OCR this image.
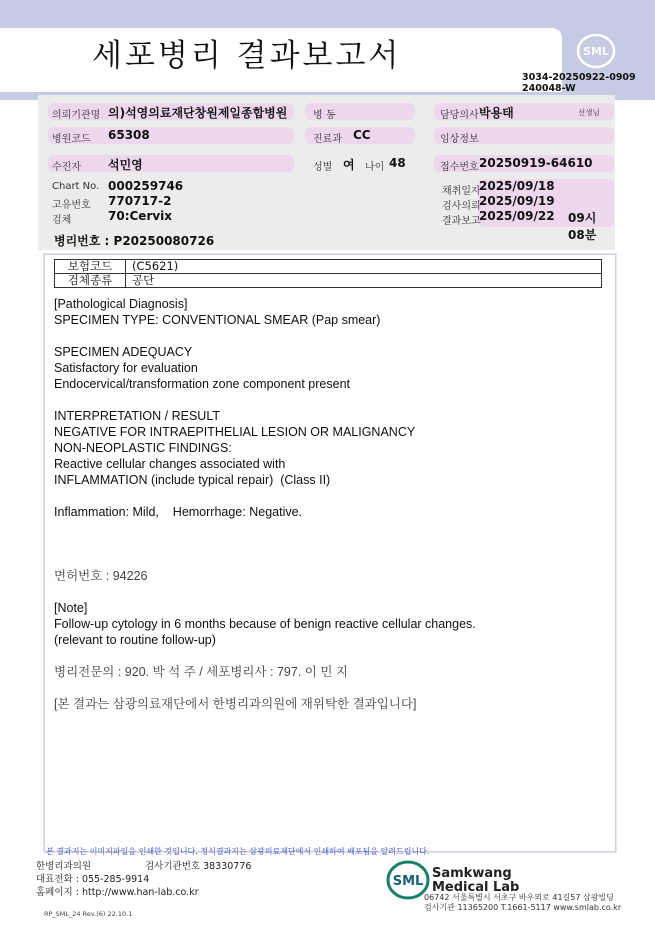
세포병리 결과보고서	SML
3034-20250922-0909
240048-W
의뢰기관명 의)석영의료재단창원제일종합병원	병 동	담당의사 박용태	선생님
병원코드 65308	진료과 CC	임상정보
수진자 석민영	성별 여 나이 48	접수번호 20250919-64610
Chart No. 000259746
고유번호 770717-2
검체	70:Cervix
채취일자
2025/09/18
검사의뢰
2025/09/19
결과보고
2025/09/22 09시 08분
병리번호 : P20250080726
보험코드	(C5621)
검체종류	공단
[Pathological Diagnosis]
SPECIMEN TYPE: CONVENTIONAL SMEAR (Pap smear)
SPECIMEN ADEQUACY
Satisfactory for evaluation
Endocervical/transformation zone component present
INTERPRETATION / RESULT
NEGATIVE FOR INTRAEPITHELIAL LESION OR MALIGNANCY
NON-NEOPLASTIC FINDINGS:
Reactive cellular changes associated with
INFLAMMATION (include typical repair)  (Class II)
Inflammation: Mild,    Hemorrhage: Negative.
면허번호 : 94226
[Note]
Follow-up cytology in 6 months because of benign reactive cellular changes.
(relevant to routine follow-up)
병리전문의 : 920. 박 석 주 / 세포병리사 : 797. 이 민 지
[본 결과는 삼광의료재단에서 한병리과의원에 재위탁한 결과입니다]
본 결과지는 이미지파일을 인쇄한 것입니다. 정식결과지는 삼광의료재단에서 인쇄하여 배포됨을 알려드립니다.
한병리과의원	검사기관번호 38330776
대표전화 : 055-285-9914
홈페이지 : http://www.han-lab.co.kr
SML
Samkwang
Medical Lab
06742 서울특별시 서초구 바우뫼로 41길57 삼광빌딩
검사기관 11365200 T.1661-5117 www.smlab.co.kr
RP_SML_24 Rev.(6) 22.10.1
